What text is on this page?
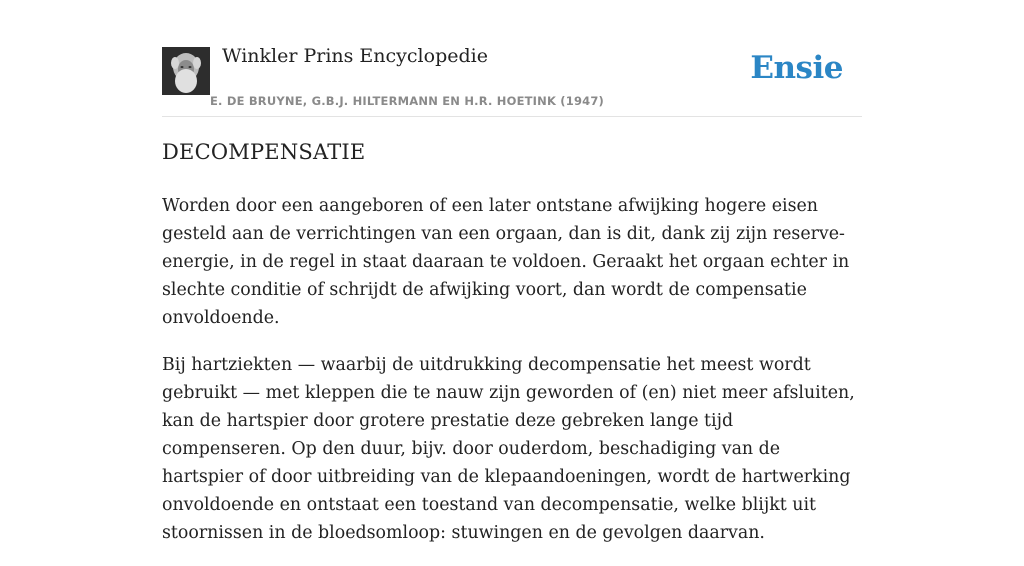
Winkler Prins Encyclopedie
E. DE BRUYNE, G.B.J. HILTERMANN EN H.R. HOETINK (1947)
Ensie
DECOMPENSATIE

Worden door een aangeboren of een later ontstane afwijking hogere eisen gesteld aan de verrichtingen van een orgaan, dan is dit, dank zij zijn reserve-energie, in de regel in staat daaraan te voldoen. Geraakt het orgaan echter in slechte conditie of schrijdt de afwijking voort, dan wordt de compensatie onvoldoende.

Bij hartziekten — waarbij de uitdrukking decompensatie het meest wordt gebruikt — met kleppen die te nauw zijn geworden of (en) niet meer afsluiten, kan de hartspier door grotere prestatie deze gebreken lange tijd compenseren. Op den duur, bijv. door ouderdom, beschadiging van de hartspier of door uitbreiding van de klepaandoeningen, wordt de hartwerking onvoldoende en ontstaat een toestand van decompensatie, welke blijkt uit stoornissen in de bloedsomloop: stuwingen en de gevolgen daarvan.
